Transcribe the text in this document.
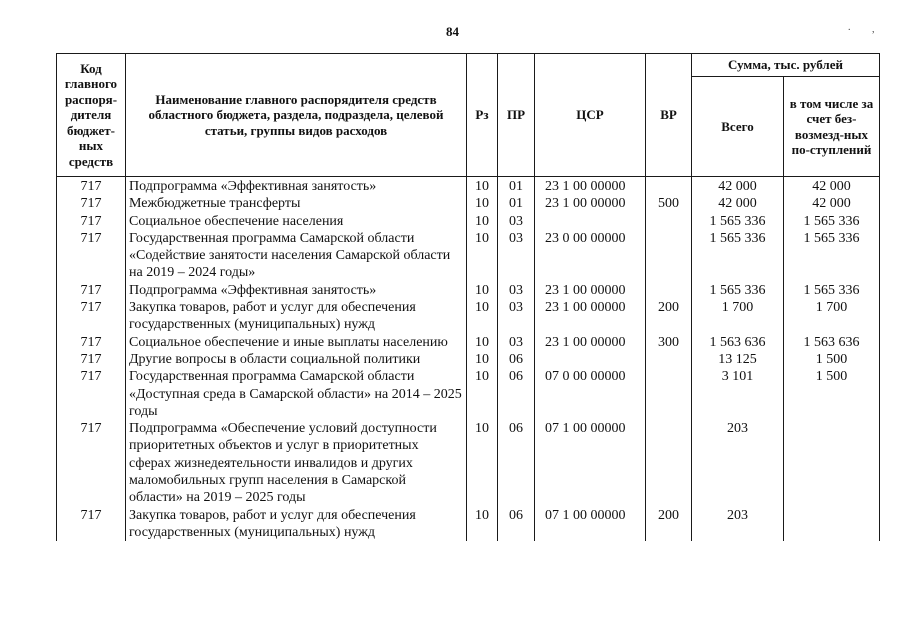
84	. ,
Код главного распоря-дителя бюджет-ных средств	Наименование главного распорядителя средств областного бюджета, раздела, подраздела, целевой статьи, группы видов расходов	Рз	ПР	ЦСР	ВР	Сумма, тыс. рублей	
						Всего	в том числе за счет без-возмезд-ных по-ступлений
717	Подпрограмма «Эффективная занятость»	10	01	23 1 00 00000		42 000	42 000
717	Межбюджетные трансферты	10	01	23 1 00 00000	500	42 000	42 000
717	Социальное обеспечение населения	10	03			1 565 336	1 565 336
717	Государственная программа Самарской области «Содействие занятости населения Самарской области на 2019 – 2024 годы»	10	03	23 0 00 00000		1 565 336	1 565 336
717	Подпрограмма «Эффективная занятость»	10	03	23 1 00 00000		1 565 336	1 565 336
717	Закупка товаров, работ и услуг для обеспечения государственных (муниципальных) нужд	10	03	23 1 00 00000	200	1 700	1 700
717	Социальное обеспечение и иные выплаты населению	10	03	23 1 00 00000	300	1 563 636	1 563 636
717	Другие вопросы в области социальной политики	10	06			13 125	1 500
717	Государственная программа Самарской области «Доступная среда в Самарской области» на 2014 – 2025 годы	10	06	07 0 00 00000		3 101	1 500
717	Подпрограмма «Обеспечение условий доступности приоритетных объектов и услуг в приоритетных сферах жизнедеятельности инвалидов и других маломобильных групп населения в Самарской области» на 2019 – 2025 годы	10	06	07 1 00 00000		203	
717	Закупка товаров, работ и услуг для обеспечения государственных (муниципальных) нужд	10	06	07 1 00 00000	200	203	
